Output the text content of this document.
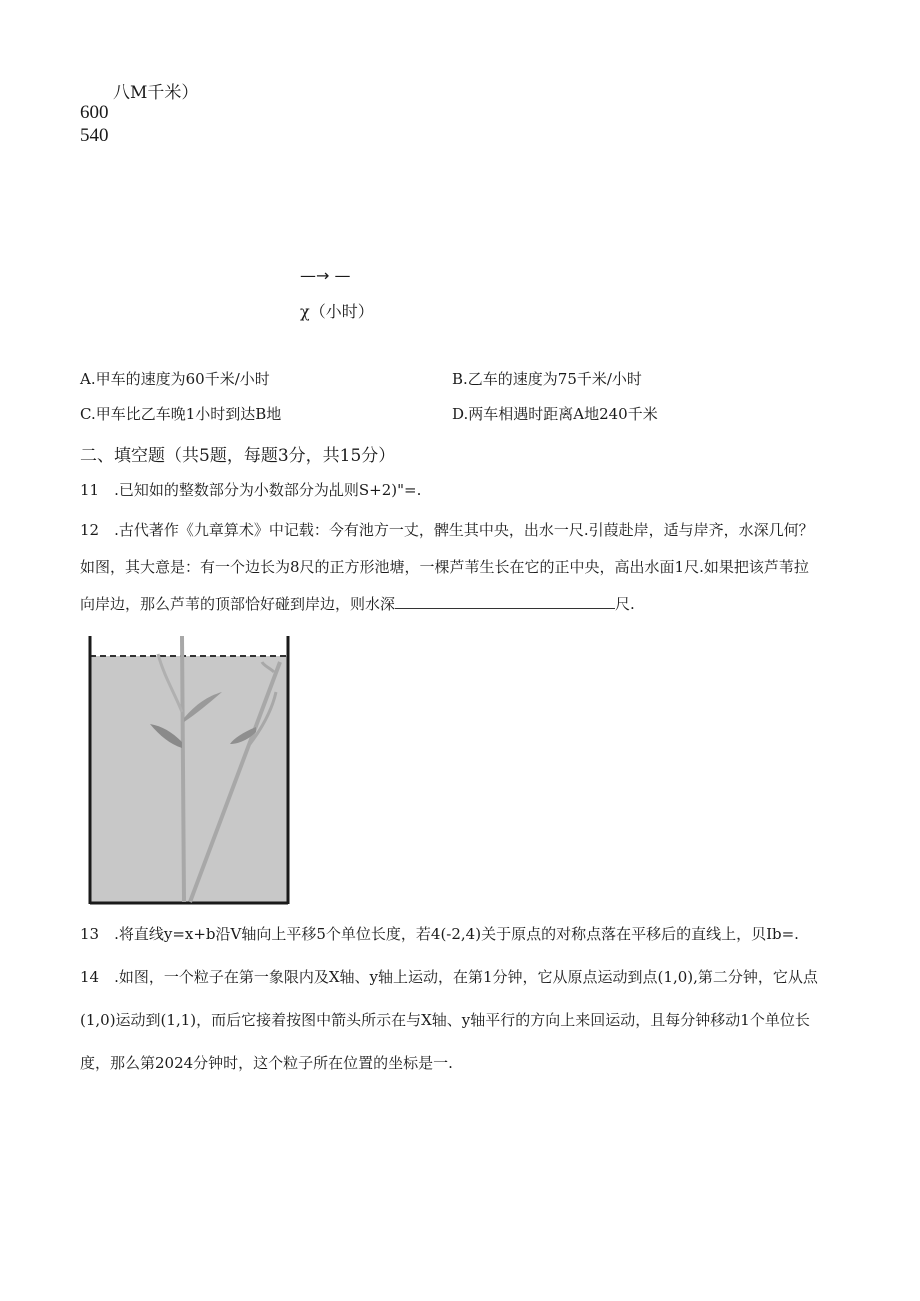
八M千米）
600
540
—→ —
χ（小时）
A.甲车的速度为60千米/小时	B.乙车的速度为75千米/小时
C.甲车比乙车晚1小时到达B地	D.两车相遇时距离A地240千米
二、填空题（共5题，每题3分，共15分）
11　.已知如的整数部分为小数部分为乩则S+2)"=.
12　.古代著作《九章算术》中记载：今有池方一丈，髀生其中央，出水一尺.引葭赴岸，适与岸齐，水深几何？
如图，其大意是：有一个边长为8尺的正方形池塘，一棵芦苇生长在它的正中央，高出水面1尺.如果把该芦苇拉
向岸边，那么芦苇的顶部恰好碰到岸边，则水深	尺.
13　.将直线y=x+b沿V轴向上平移5个单位长度，若4(-2,4)关于原点的对称点落在平移后的直线上，贝Ib=.
14　.如图，一个粒子在第一象限内及X轴、y轴上运动，在第1分钟，它从原点运动到点(1,0),第二分钟，它从点
(1,0)运动到(1,1)，而后它接着按图中箭头所示在与X轴、y轴平行的方向上来回运动，且每分钟移动1个单位长
度，那么第2024分钟时，这个粒子所在位置的坐标是一.
